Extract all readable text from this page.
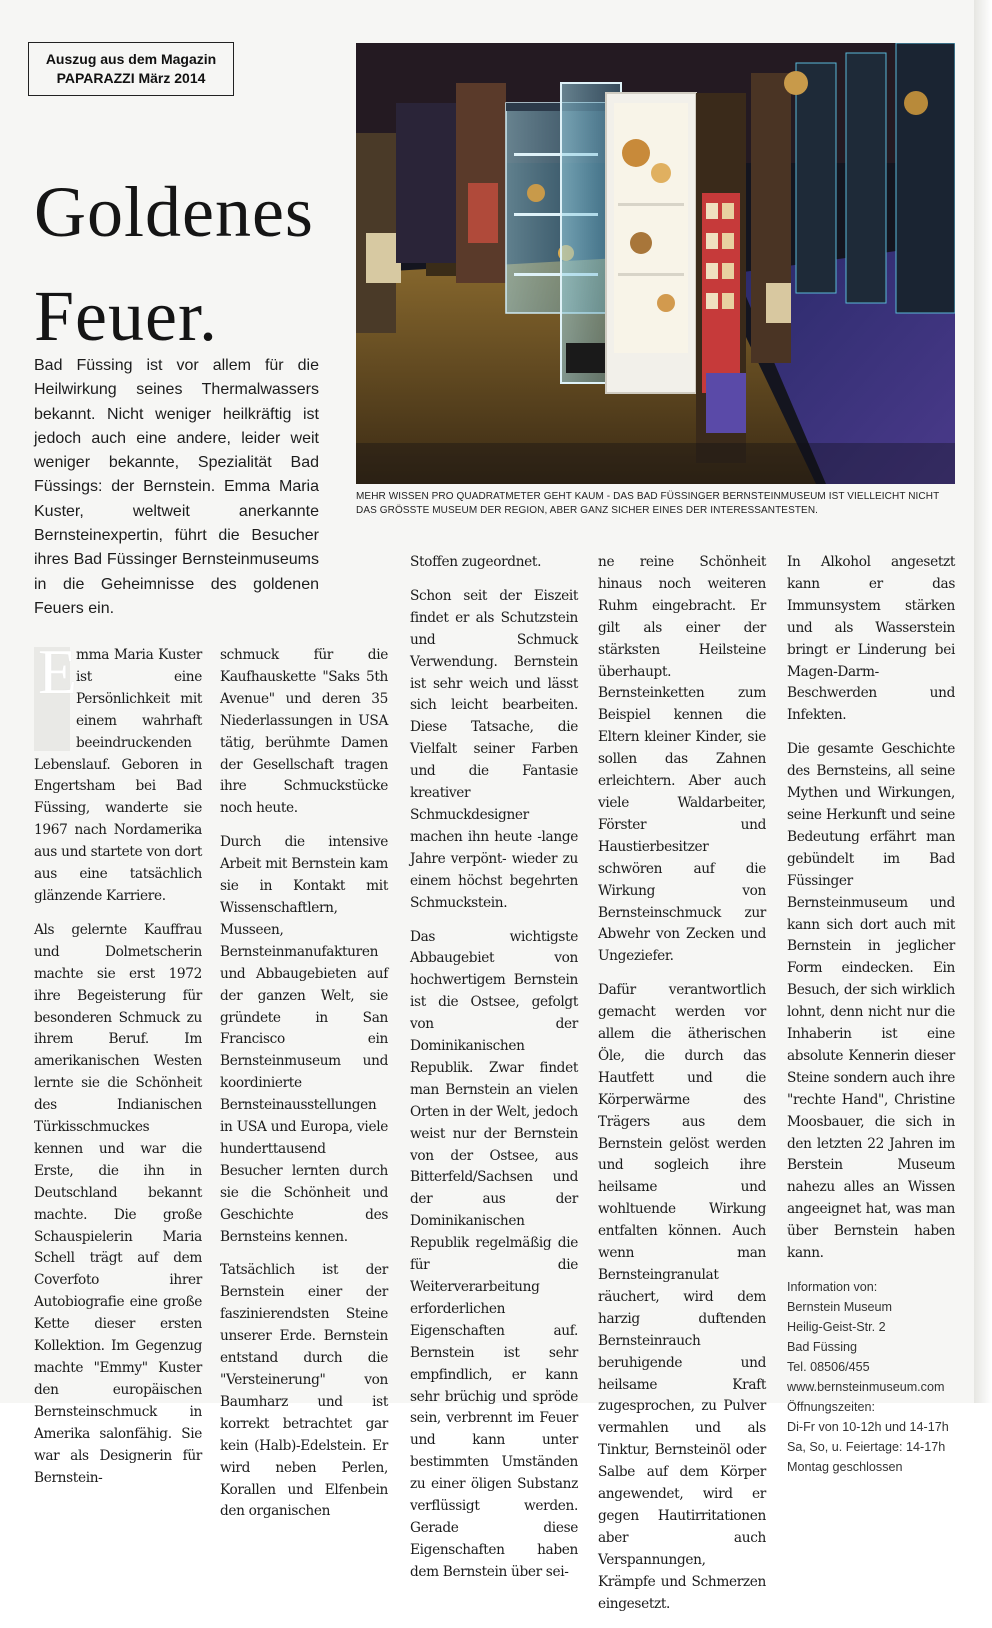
Auszug aus dem Magazin
PAPARAZZI März 2014
Goldenes
Feuer.
Bad Füssing ist vor allem für die Heilwirkung seines Thermalwassers bekannt. Nicht weniger heilkräftig ist jedoch auch eine andere, leider weit weniger bekannte, Spezialität Bad Füssings: der Bernstein. Emma Maria Kuster, weltweit anerkannte Bernsteinexpertin, führt die Besucher ihres Bad Füssinger Bernsteinmuseums in die Geheimnisse des goldenen Feuers ein.
MEHR WISSEN PRO QUADRATMETER GEHT KAUM - DAS BAD FÜSSINGER BERNSTEINMUSEUM IST VIELLEICHT NICHT DAS GRÖSSTE MUSEUM DER REGION, ABER GANZ SICHER EINES DER INTERESSANTESTEN.

E mma Maria Kuster ist eine Persönlichkeit mit einem wahrhaft beeindruckenden Lebenslauf. Geboren in Engertsham bei Bad Füssing, wanderte sie 1967 nach Nordamerika aus und startete von dort aus eine tatsächlich glänzende Karriere.

Als gelernte Kauffrau und Dolmetscherin machte sie erst 1972 ihre Begeisterung für besonderen Schmuck zu ihrem Beruf. Im amerikanischen Westen lernte sie die Schönheit des Indianischen Türkisschmuckes kennen und war die Erste, die ihn in Deutschland bekannt machte. Die große Schauspielerin Maria Schell trägt auf dem Coverfoto ihrer Autobiografie eine große Kette dieser ersten Kollektion. Im Gegenzug machte "Emmy" Kuster den europäischen Bernsteinschmuck in Amerika salonfähig. Sie war als Designerin für Bernstein-

schmuck für die Kaufhauskette "Saks 5th Avenue" und deren 35 Niederlassungen in USA tätig, berühmte Damen der Gesellschaft tragen ihre Schmuckstücke noch heute.

Durch die intensive Arbeit mit Bernstein kam sie in Kontakt mit Wissenschaftlern, Musseen, Bernsteinmanufakturen und Abbaugebieten auf der ganzen Welt, sie gründete in San Francisco ein Bernsteinmuseum und koordinierte Bernsteinausstellungen in USA und Europa, viele hunderttausend Besucher lernten durch sie die Schönheit und Geschichte des Bernsteins kennen.

Tatsächlich ist der Bernstein einer der faszinierendsten Steine unserer Erde. Bernstein entstand durch die "Versteinerung" von Baumharz und ist korrekt betrachtet gar kein (Halb)-Edelstein. Er wird neben Perlen, Korallen und Elfenbein den organischen

Stoffen zugeordnet.

Schon seit der Eiszeit findet er als Schutzstein und Schmuck Verwendung. Bernstein ist sehr weich und lässt sich leicht bearbeiten. Diese Tatsache, die Vielfalt seiner Farben und die Fantasie kreativer Schmuckdesigner machen ihn heute -lange Jahre verpönt- wieder zu einem höchst begehrten Schmuckstein.

Das wichtigste Abbaugebiet von hochwertigem Bernstein ist die Ostsee, gefolgt von der Dominikanischen Republik. Zwar findet man Bernstein an vielen Orten in der Welt, jedoch weist nur der Bernstein von der Ostsee, aus Bitterfeld/Sachsen und der aus der Dominikanischen Republik regelmäßig die für die Weiterverarbeitung erforderlichen Eigenschaften auf. Bernstein ist sehr empfindlich, er kann sehr brüchig und spröde sein, verbrennt im Feuer und kann unter bestimmten Umständen zu einer öligen Substanz verflüssigt werden. Gerade diese Eigenschaften haben dem Bernstein über sei-

ne reine Schönheit hinaus noch weiteren Ruhm eingebracht. Er gilt als einer der stärksten Heilsteine überhaupt. Bernsteinketten zum Beispiel kennen die Eltern kleiner Kinder, sie sollen das Zahnen erleichtern. Aber auch viele Waldarbeiter, Förster und Haustierbesitzer schwören auf die Wirkung von Bernsteinschmuck zur Abwehr von Zecken und Ungeziefer.

Dafür verantwortlich gemacht werden vor allem die ätherischen Öle, die durch das Hautfett und die Körperwärme des Trägers aus dem Bernstein gelöst werden und sogleich ihre heilsame und wohltuende Wirkung entfalten können. Auch wenn man Bernsteingranulat räuchert, wird dem harzig duftenden Bernsteinrauch beruhigende und heilsame Kraft zugesprochen, zu Pulver vermahlen und als Tinktur, Bernsteinöl oder Salbe auf dem Körper angewendet, wird er gegen Hautirritationen aber auch Verspannungen, Krämpfe und Schmerzen eingesetzt.

In Alkohol angesetzt kann er das Immunsystem stärken und als Wasserstein bringt er Linderung bei Magen-Darm-Beschwerden und Infekten.

Die gesamte Geschichte des Bernsteins, all seine Mythen und Wirkungen, seine Herkunft und seine Bedeutung erfährt man gebündelt im Bad Füssinger Bernsteinmuseum und kann sich dort auch mit Bernstein in jeglicher Form eindecken. Ein Besuch, der sich wirklich lohnt, denn nicht nur die Inhaberin ist eine absolute Kennerin dieser Steine sondern auch ihre "rechte Hand", Christine Moosbauer, die sich in den letzten 22 Jahren im Berstein Museum nahezu alles an Wissen angeeignet hat, was man über Bernstein haben kann.

Information von:
Bernstein Museum
Heilig-Geist-Str. 2
Bad Füssing
Tel. 08506/455
www.bernsteinmuseum.com
Öffnungszeiten:
Di-Fr von 10-12h und 14-17h
Sa, So, u. Feiertage: 14-17h
Montag geschlossen
